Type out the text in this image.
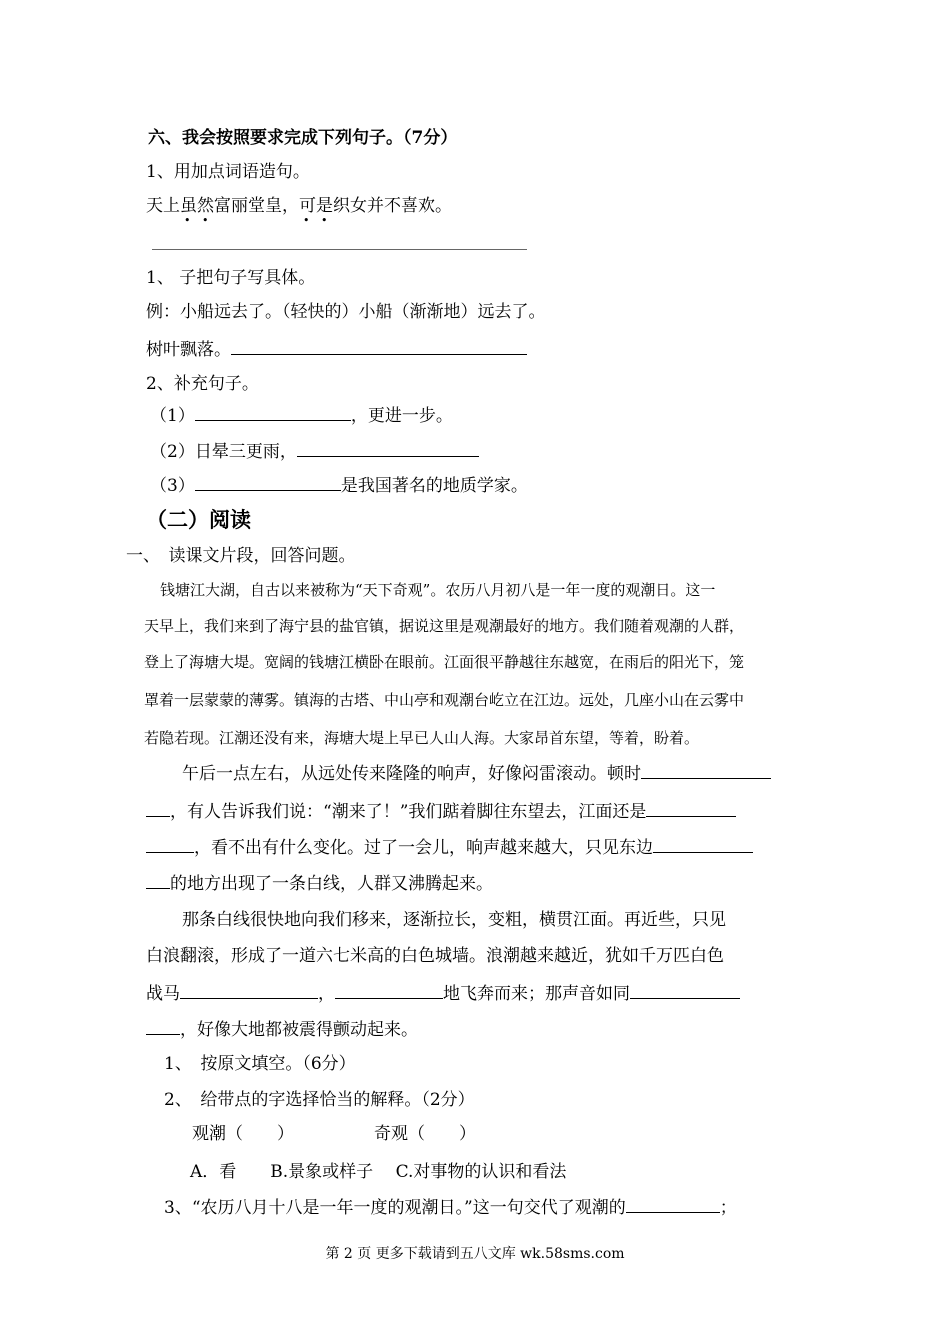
六、我会按照要求完成下列句子。（7分）
1、用加点词语造句。
天上虽然
• •
富丽堂皇，可是
• •
织女并不喜欢。
1、 子把句子写具体。
例：小船远去了。（轻快的）小船（渐渐地）远去了。
树叶飘落。
2、补充句子。
（1）	，更进一步。
（2）日晕三更雨，
（3）	是我国著名的地质学家。
（二）阅读
一、　读课文片段，回答问题。
钱塘江大湖，自古以来被称为“天下奇观”。农历八月初八是一年一度的观潮日。这一
天早上，我们来到了海宁县的盐官镇，据说这里是观潮最好的地方。我们随着观潮的人群，
登上了海塘大堤。宽阔的钱塘江横卧在眼前。江面很平静越往东越宽，在雨后的阳光下，笼
罩着一层蒙蒙的薄雾。镇海的古塔、中山亭和观潮台屹立在江边。远处，几座小山在云雾中
若隐若现。江潮还没有来，海塘大堤上早已人山人海。大家昂首东望，等着，盼着。
午后一点左右，从远处传来隆隆的响声，好像闷雷滚动。顿时
，有人告诉我们说：“潮来了！”我们踮着脚往东望去，江面还是
，看不出有什么变化。过了一会儿，响声越来越大，只见东边
的地方出现了一条白线，人群又沸腾起来。
那条白线很快地向我们移来，逐渐拉长，变粗，横贯江面。再近些，只见
白浪翻滚，形成了一道六七米高的白色城墙。浪潮越来越近，犹如千万匹白色
战马	，	地飞奔而来；那声音如同
，好像大地都被震得颤动起来。
1、　按原文填空。（6分）
2、　给带点的字选择恰当的解释。（2分）
观潮（　　）	奇观（　　）
A．看　　B.景象或样子　 C.对事物的认识和看法
3、“农历八月十八是一年一度的观潮日。”这一句交代了观潮的	；
第 2 页 更多下载请到五八文库 wk.58sms.com
